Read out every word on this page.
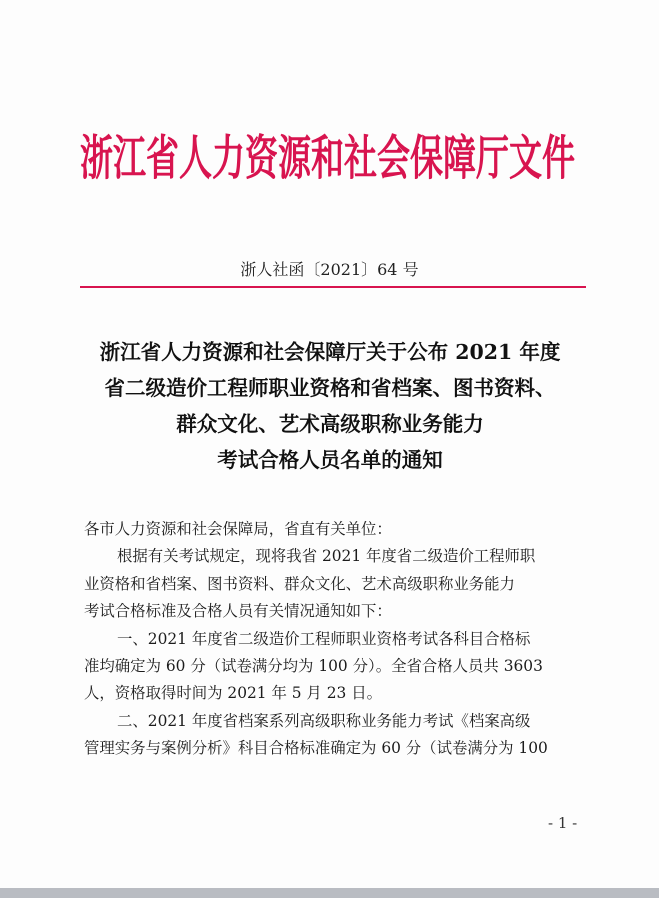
浙江省人力资源和社会保障厅文件
浙人社函〔2021〕64 号
浙江省人力资源和社会保障厅关于公布 2021 年度
省二级造价工程师职业资格和省档案、图书资料、
群众文化、艺术高级职称业务能力
考试合格人员名单的通知

各市人力资源和社会保障局，省直有关单位：

根据有关考试规定，现将我省 2021 年度省二级造价工程师职

业资格和省档案、图书资料、群众文化、艺术高级职称业务能力

考试合格标准及合格人员有关情况通知如下：

一、2021 年度省二级造价工程师职业资格考试各科目合格标

准均确定为 60 分（试卷满分均为 100 分）。全省合格人员共 3603

人，资格取得时间为 2021 年 5 月 23 日。

二、2021 年度省档案系列高级职称业务能力考试《档案高级

管理实务与案例分析》科目合格标准确定为 60 分（试卷满分为 100

- 1 -
